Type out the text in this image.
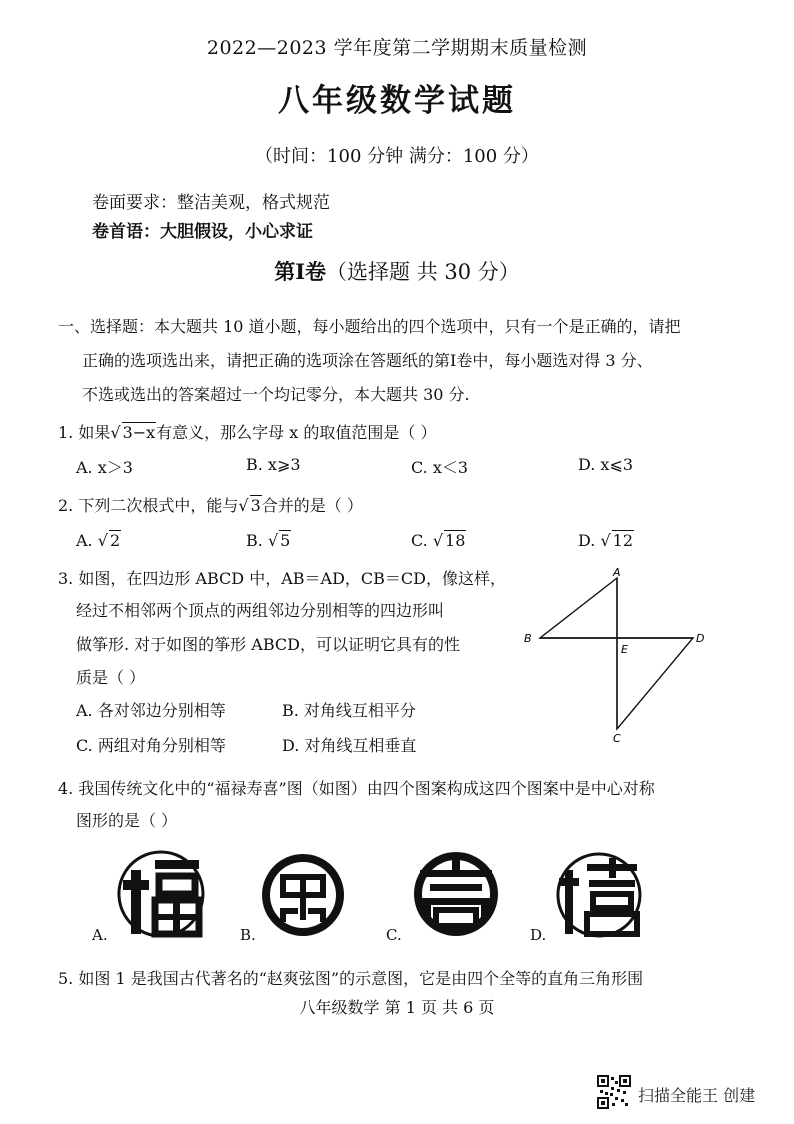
2022—2023 学年度第二学期期末质量检测
八年级数学试题
（时间：100 分钟 满分：100 分）
卷面要求：整洁美观，格式规范
卷首语：大胆假设，小心求证
第Ⅰ卷（选择题 共 30 分）
一、选择题：本大题共 10 道小题，每小题给出的四个选项中，只有一个是正确的，请把
正确的选项选出来，请把正确的选项涂在答题纸的第Ⅰ卷中，每小题选对得 3 分、
不选或选出的答案超过一个均记零分，本大题共 30 分.
1. 如果√ 3−x有意义，那么字母 x 的取值范围是（ ）
A. x＞3	B. x⩾3	C. x＜3	D. x⩽3
2. 下列二次根式中，能与√ 3合并的是（ ）
A. √ 2	B. √ 5	C. √ 18	D. √ 12
3. 如图，在四边形 ABCD 中，AB＝AD，CB＝CD，像这样，
经过不相邻两个顶点的两组邻边分别相等的四边形叫
做筝形. 对于如图的筝形 ABCD，可以证明它具有的性
质是（ ）
A. 各对邻边分别相等	B. 对角线互相平分
C. 两组对角分别相等	D. 对角线互相垂直
A
B
C
D
E
4. 我国传统文化中的“福禄寿喜”图（如图）由四个图案构成这四个图案中是中心对称
图形的是（ ）
A.	B.	C.	D.
5. 如图 1 是我国古代著名的“赵爽弦图”的示意图，它是由四个全等的直角三角形围
八年级数学 第 1 页 共 6 页
扫描全能王 创建
